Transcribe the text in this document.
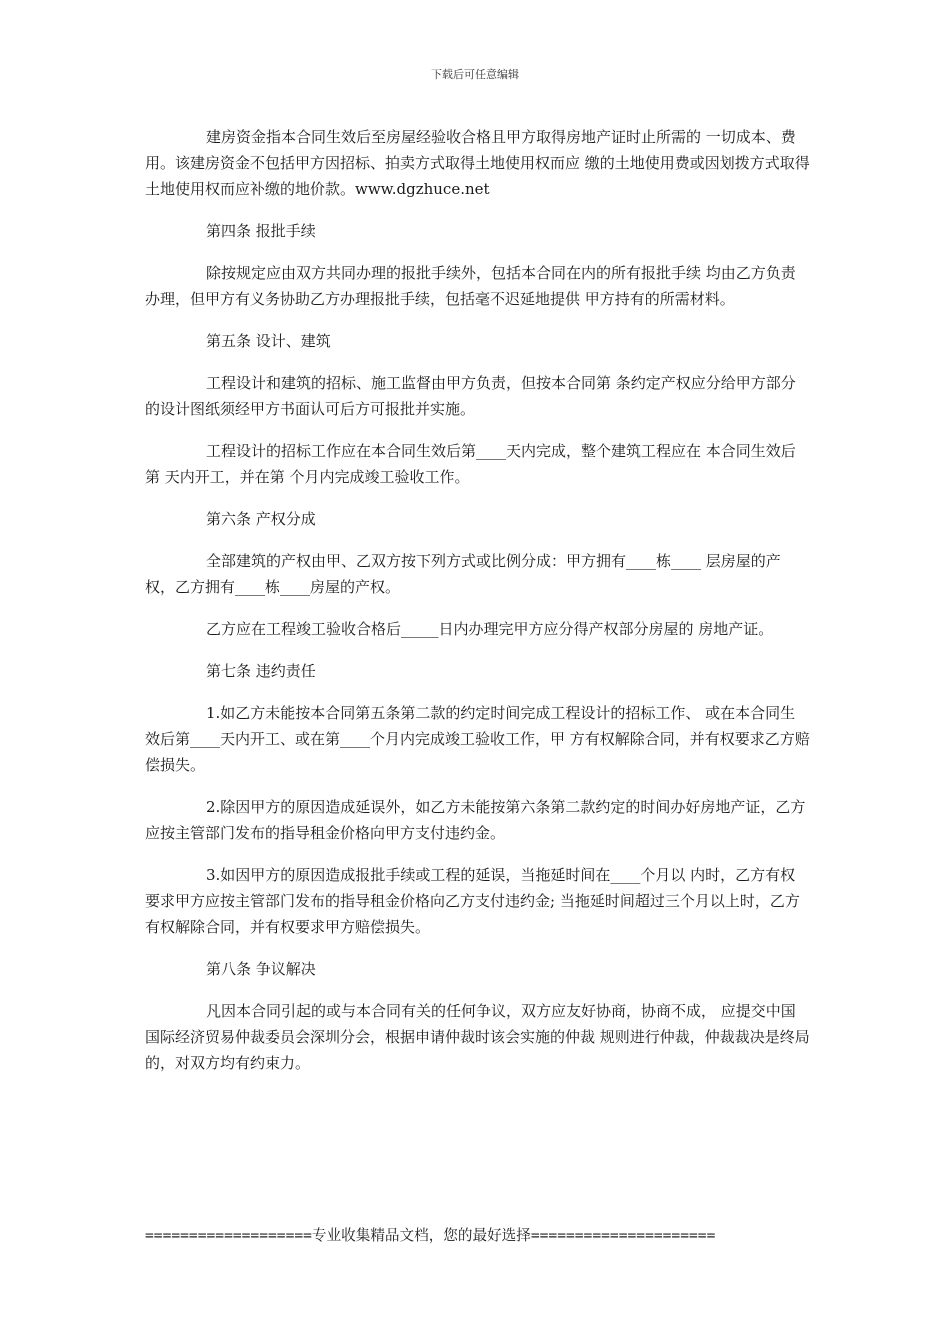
下载后可任意编辑

建房资金指本合同生效后至房屋经验收合格且甲方取得房地产证时止所需的 一切成本、费用。该建房资金不包括甲方因招标、拍卖方式取得土地使用权而应 缴的土地使用费或因划拨方式取得土地使用权而应补缴的地价款。www.dgzhuce.net

第四条 报批手续

除按规定应由双方共同办理的报批手续外，包括本合同在内的所有报批手续 均由乙方负责办理，但甲方有义务协助乙方办理报批手续，包括毫不迟延地提供 甲方持有的所需材料。

第五条 设计、建筑

工程设计和建筑的招标、施工监督由甲方负责，但按本合同第 条约定产权应分给甲方部分的设计图纸须经甲方书面认可后方可报批并实施。

工程设计的招标工作应在本合同生效后第____天内完成，整个建筑工程应在 本合同生效后第 天内开工，并在第 个月内完成竣工验收工作。

第六条 产权分成

全部建筑的产权由甲、乙双方按下列方式或比例分成：甲方拥有____栋____ 层房屋的产权，乙方拥有____栋____房屋的产权。

乙方应在工程竣工验收合格后_____日内办理完甲方应分得产权部分房屋的 房地产证。

第七条 违约责任

1.如乙方未能按本合同第五条第二款的约定时间完成工程设计的招标工作、 或在本合同生效后第____天内开工、或在第____个月内完成竣工验收工作，甲 方有权解除合同，并有权要求乙方赔偿损失。

2.除因甲方的原因造成延误外，如乙方未能按第六条第二款约定的时间办好房地产证，乙方应按主管部门发布的指导租金价格向甲方支付违约金。

3.如因甲方的原因造成报批手续或工程的延误，当拖延时间在____个月以 内时，乙方有权要求甲方应按主管部门发布的指导租金价格向乙方支付违约金; 当拖延时间超过三个月以上时，乙方有权解除合同，并有权要求甲方赔偿损失。

第八条 争议解决

凡因本合同引起的或与本合同有关的任何争议，双方应友好协商，协商不成， 应提交中国国际经济贸易仲裁委员会深圳分会，根据申请仲裁时该会实施的仲裁 规则进行仲裁，仲裁裁决是终局的，对双方均有约束力。

===================专业收集精品文档，您的最好选择=====================
